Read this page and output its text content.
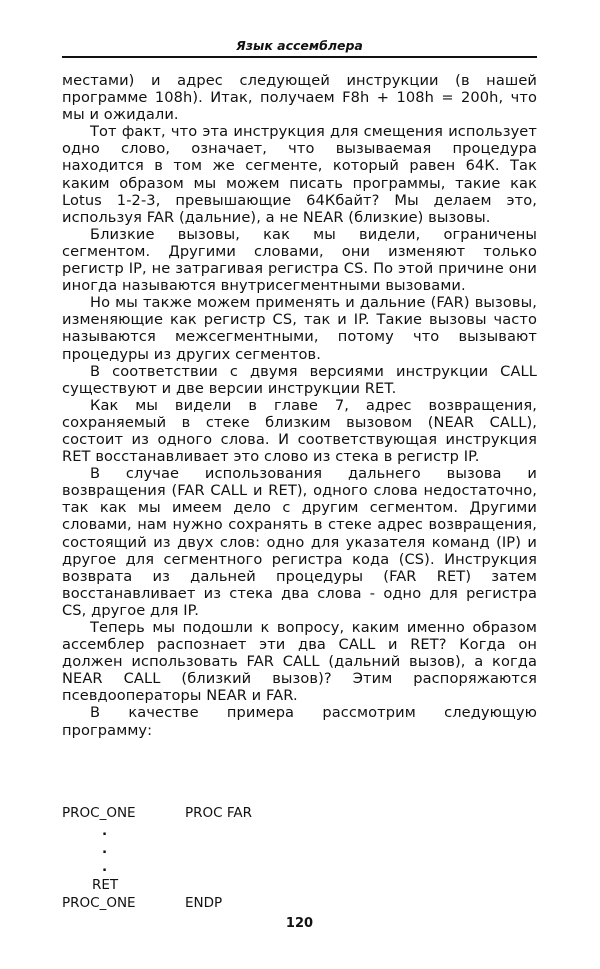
Язык ассемблера

местами) и адрес следующей инструкции (в нашей программе 108h). Итак, получаем F8h + 108h = 200h, что мы и ожидали.

Тот факт, что эта инструкция для смещения использует одно слово, означает, что вызываемая процедура находится в том же сегменте, который равен 64К. Так каким образом мы можем писать программы, такие как Lotus 1-2-3, превышающие 64Кбайт? Мы делаем это, используя FAR (дальние), а не NEAR (близкие) вызовы.

Близкие вызовы, как мы видели, ограничены сегментом. Другими словами, они изменяют только регистр IP, не затрагивая регистра CS. По этой причине они иногда называются внутрисегментными вызовами.

Но мы также можем применять и дальние (FAR) вызовы, изменяющие как регистр CS, так и IP. Такие вызовы часто называются межсегментными, потому что вызывают процедуры из других сегментов.

В соответствии с двумя версиями инструкции CALL существуют и две версии инструкции RET.

Как мы видели в главе 7, адрес возвращения, сохраняемый в стеке близким вызовом (NEAR CALL), состоит из одного слова. И соответствующая инструкция RET восстанавливает это слово из стека в регистр IP.

В случае использования дальнего вызова и возвращения (FAR CALL и RET), одного слова недостаточно, так как мы имеем дело с другим сегментом. Другими словами, нам нужно сохранять в стеке адрес возвращения, состоящий из двух слов: одно для указателя команд (IP) и другое для сегментного регистра кода (CS). Инструкция возврата из дальней процедуры (FAR RET) затем восстанавливает из стека два слова - одно для регистра CS, другое для IP.

Теперь мы подошли к вопросу, каким именно образом ассемблер распознает эти два CALL и RET? Когда он должен использовать FAR CALL (дальний вызов), а когда NEAR CALL (близкий вызов)? Этим распоряжаются псевдооператоры NEAR и FAR.

В качестве примера рассмотрим следующую программу:

PROC_ONE	PROC FAR
.
.
.
RET
PROC_ONE	ENDP
120
